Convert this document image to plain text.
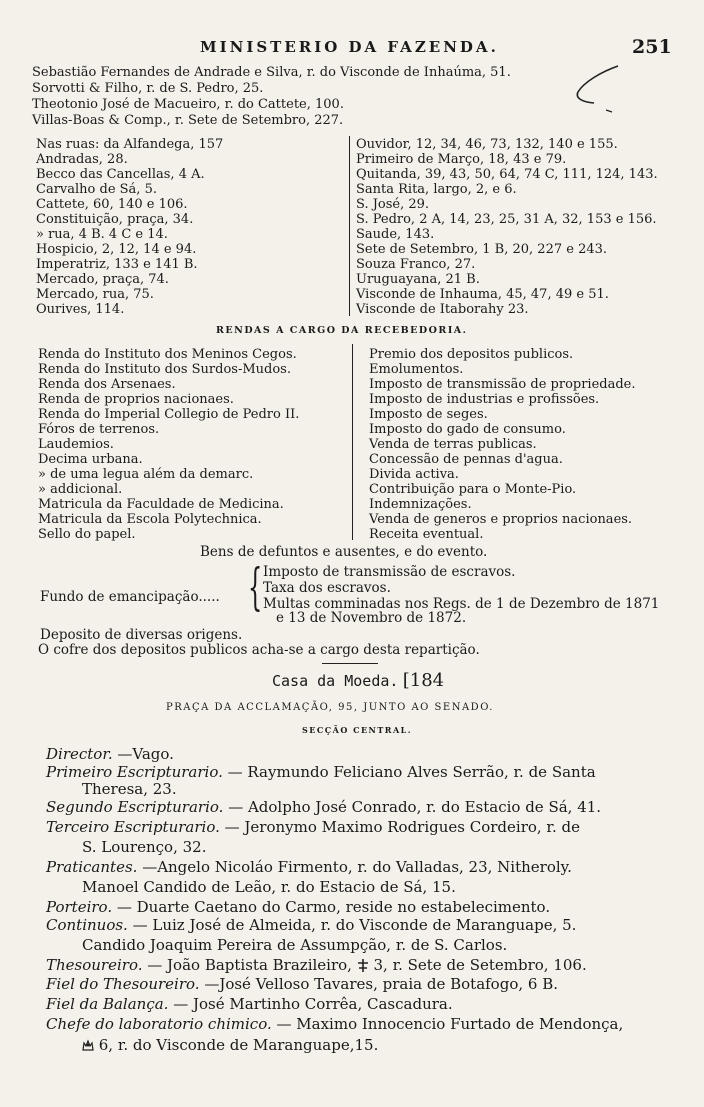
MINISTERIO DA FAZENDA.	251
Sebastião Fernandes de Andrade e Silva, r. do Visconde de Inhaúma, 51.
Sorvotti & Filho, r. de S. Pedro, 25.
Theotonio José de Macueiro, r. do Cattete, 100.
Villas-Boas & Comp., r. Sete de Setembro, 227.
Nas ruas: da Alfandega, 157
Andradas, 28.
Becco das Cancellas, 4 A.
Carvalho de Sá, 5.
Cattete, 60, 140 e 106.
Constituição, praça, 34.
» rua, 4 B. 4 C e 14.
Hospicio, 2, 12, 14 e 94.
Imperatriz, 133 e 141 B.
Mercado, praça, 74.
Mercado, rua, 75.
Ourives, 114.
Ouvidor, 12, 34, 46, 73, 132, 140 e 155.
Primeiro de Março, 18, 43 e 79.
Quitanda, 39, 43, 50, 64, 74 C, 111, 124, 143.
Santa Rita, largo, 2, e 6.
S. José, 29.
S. Pedro, 2 A, 14, 23, 25, 31 A, 32, 153 e 156.
Saude, 143.
Sete de Setembro, 1 B, 20, 227 e 243.
Souza Franco, 27.
Uruguayana, 21 B.
Visconde de Inhauma, 45, 47, 49 e 51.
Visconde de Itaborahy 23.
RENDAS A CARGO DA RECEBEDORIA.
Renda do Instituto dos Meninos Cegos.
Renda do Instituto dos Surdos-Mudos.
Renda dos Arsenaes.
Renda de proprios nacionaes.
Renda do Imperial Collegio de Pedro II.
Fóros de terrenos.
Laudemios.
Decima urbana.
» de uma legua além da demarc.
» addicional.
Matricula da Faculdade de Medicina.
Matricula da Escola Polytechnica.
Sello do papel.
Premio dos depositos publicos.
Emolumentos.
Imposto de transmissão de propriedade.
Imposto de industrias e profissões.
Imposto de seges.
Imposto do gado de consumo.
Venda de terras publicas.
Concessão de pennas d'agua.
Divida activa.
Contribuição para o Monte-Pio.
Indemnizações.
Venda de generos e proprios nacionaes.
Receita eventual.
Bens de defuntos e ausentes, e do evento.
Fundo de emancipação..... { Imposto de transmissão de escravos.
Taxa dos escravos.
Multas comminadas nos Regs. de 1 de Dezembro de 1871
e 13 de Novembro de 1872.
Deposito de diversas origens.
O cofre dos depositos publicos acha-se a cargo desta repartição.
Casa da Moeda. [184
PRAÇA DA ACCLAMAÇÃO, 95, JUNTO AO SENADO.
SECÇÃO CENTRAL.
Director. —Vago.
Primeiro Escripturario. — Raymundo Feliciano Alves Serrão, r. de Santa
Theresa, 23.
Segundo Escripturario. — Adolpho José Conrado, r. do Estacio de Sá, 41.
Terceiro Escripturario. — Jeronymo Maximo Rodrigues Cordeiro, r. de
S. Lourenço, 32.
Praticantes. —Angelo Nicoláo Firmento, r. do Valladas, 23, Nitheroly.
Manoel Candido de Leão, r. do Estacio de Sá, 15.
Porteiro. — Duarte Caetano do Carmo, reside no estabelecimento.
Continuos. — Luiz José de Almeida, r. do Visconde de Maranguape, 5.
Candido Joaquim Pereira de Assumpção, r. de S. Carlos.
Thesoureiro. — João Baptista Brazileiro,  3, r. Sete de Setembro, 106.
Fiel do Thesoureiro. —José Velloso Tavares, praia de Botafogo, 6 B.
Fiel da Balança. — José Martinho Corrêa, Cascadura.
Chefe do laboratorio chimico. — Maximo Innocencio Furtado de Mendonça,
6, r. do Visconde de Maranguape,15.
